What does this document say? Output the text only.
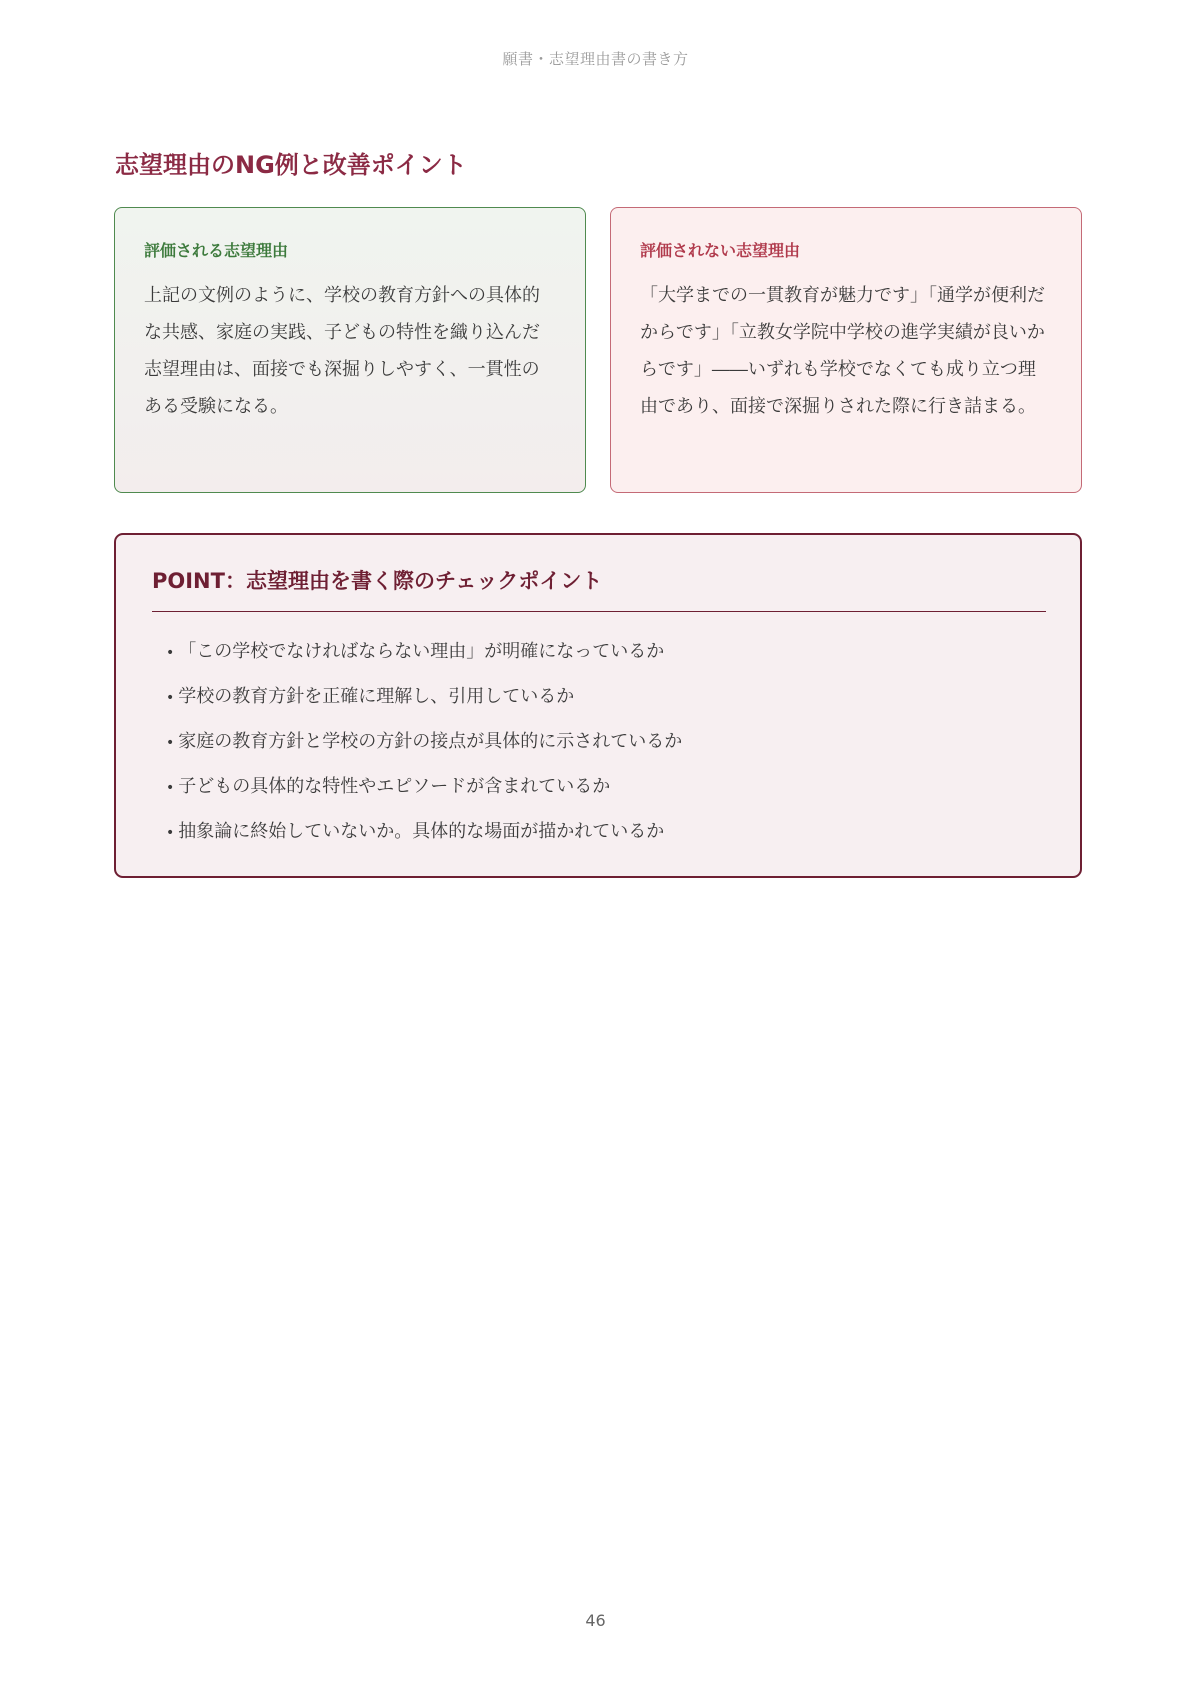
願書・志望理由書の書き方
志望理由のNG例と改善ポイント

評価される志望理由

上記の文例のように、学校の教育方針への具体的な共感、家庭の実践、子どもの特性を織り込んだ志望理由は、面接でも深掘りしやすく、一貫性のある受験になる。

評価されない志望理由

「大学までの一貫教育が魅力です」「通学が便利だからです」「立教女学院中学校の進学実績が良いからです」――いずれも学校でなくても成り立つ理由であり、面接で深掘りされた際に行き詰まる。

POINT：志望理由を書く際のチェックポイント

• 「この学校でなければならない理由」が明確になっているか
• 学校の教育方針を正確に理解し、引用しているか
• 家庭の教育方針と学校の方針の接点が具体的に示されているか
• 子どもの具体的な特性やエピソードが含まれているか
• 抽象論に終始していないか。具体的な場面が描かれているか
46
